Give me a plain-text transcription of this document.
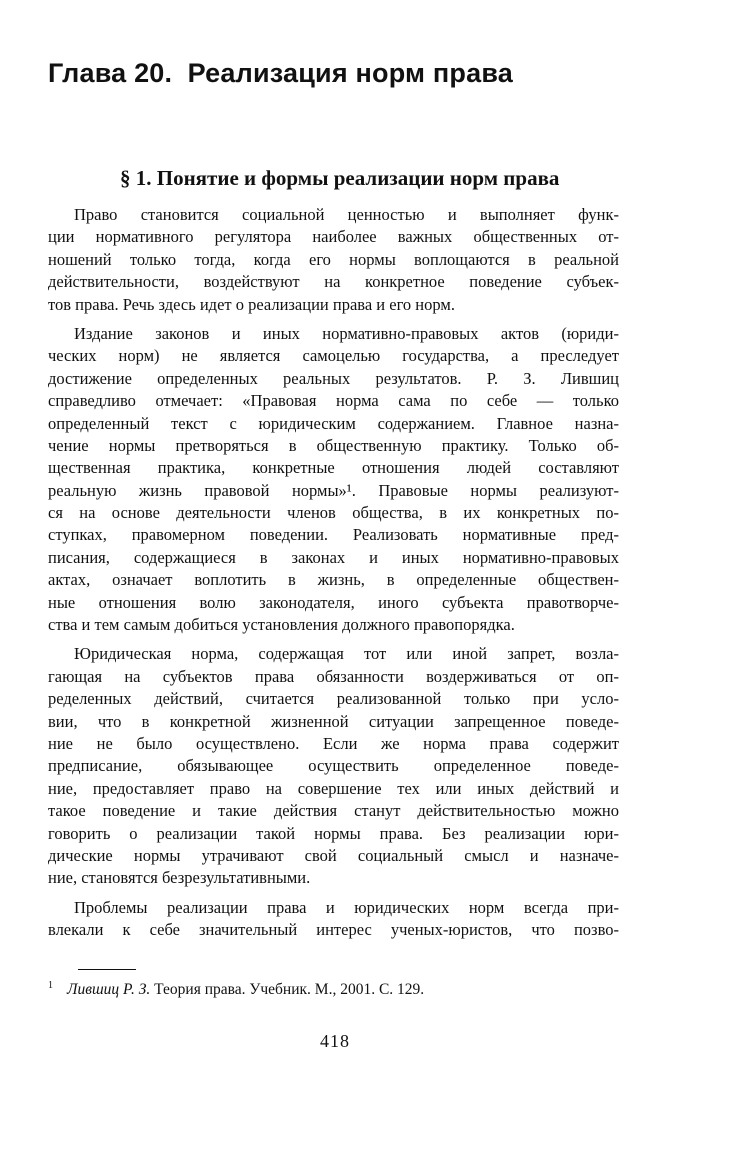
Глава 20. Реализация норм права
§ 1. Понятие и формы реализации норм права

Право становится социальной ценностью и выполняет функ-
ции нормативного регулятора наиболее важных общественных от-
ношений только тогда, когда его нормы воплощаются в реальной
действительности, воздействуют на конкретное поведение субъек-
тов права. Речь здесь идет о реализации права и его норм.

Издание законов и иных нормативно-правовых актов (юриди-
ческих норм) не является самоцелью государства, а преследует
достижение определенных реальных результатов. Р. З. Лившиц
справедливо отмечает: «Правовая норма сама по себе — только
определенный текст с юридическим содержанием. Главное назна-
чение нормы претворяться в общественную практику. Только об-
щественная практика, конкретные отношения людей составляют
реальную жизнь правовой нормы»¹. Правовые нормы реализуют-
ся на основе деятельности членов общества, в их конкретных по-
ступках, правомерном поведении. Реализовать нормативные пред-
писания, содержащиеся в законах и иных нормативно-правовых
актах, означает воплотить в жизнь, в определенные обществен-
ные отношения волю законодателя, иного субъекта правотворче-
ства и тем самым добиться установления должного правопорядка.

Юридическая норма, содержащая тот или иной запрет, возла-
гающая на субъектов права обязанности воздерживаться от оп-
ределенных действий, считается реализованной только при усло-
вии, что в конкретной жизненной ситуации запрещенное поведе-
ние не было осуществлено. Если же норма права содержит
предписание, обязывающее осуществить определенное поведе-
ние, предоставляет право на совершение тех или иных действий и
такое поведение и такие действия станут действительностью можно
говорить о реализации такой нормы права. Без реализации юри-
дические нормы утрачивают свой социальный смысл и назначе-
ние, становятся безрезультативными.

Проблемы реализации права и юридических норм всегда при-
влекали к себе значительный интерес ученых-юристов, что позво-

$^1$ Лившиц Р. З. Теория права. Учебник. М., 2001. С. 129.
418
